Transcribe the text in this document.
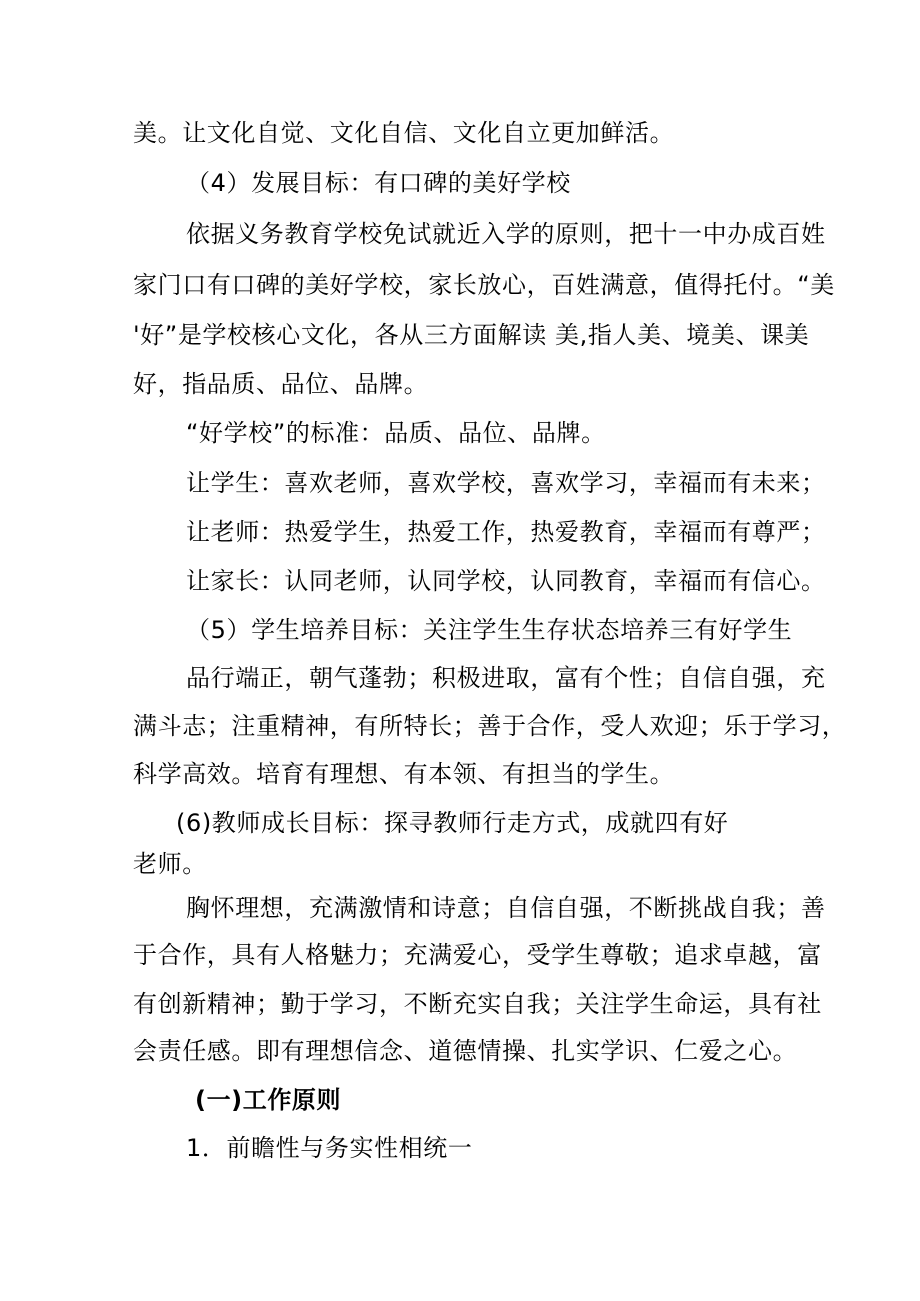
美。让文化自觉、文化自信、文化自立更加鲜活。

（4）发展目标：有口碑的美好学校

依据义务教育学校免试就近入学的原则，把十一中办成百姓

家门口有口碑的美好学校，家长放心，百姓满意，值得托付。“美

'好”是学校核心文化，各从三方面解读 美,指人美、境美、课美

好，指品质、品位、品牌。

“好学校”的标准：品质、品位、品牌。

让学生：喜欢老师，喜欢学校，喜欢学习，幸福而有未来；

让老师：热爱学生，热爱工作，热爱教育，幸福而有尊严；

让家长：认同老师，认同学校，认同教育，幸福而有信心。

（5）学生培养目标：关注学生生存状态培养三有好学生

品行端正，朝气蓬勃；积极进取，富有个性；自信自强，充

满斗志；注重精神，有所特长；善于合作，受人欢迎；乐于学习，

科学高效。培育有理想、有本领、有担当的学生。

(6)教师成长目标：探寻教师行走方式，成就四有好

老师。

胸怀理想，充满激情和诗意；自信自强，不断挑战自我；善

于合作，具有人格魅力；充满爱心，受学生尊敬；追求卓越，富

有创新精神；勤于学习，不断充实自我；关注学生命运，具有社

会责任感。即有理想信念、道德情操、扎实学识、仁爱之心。

(一)工作原则

1．前瞻性与务实性相统一
